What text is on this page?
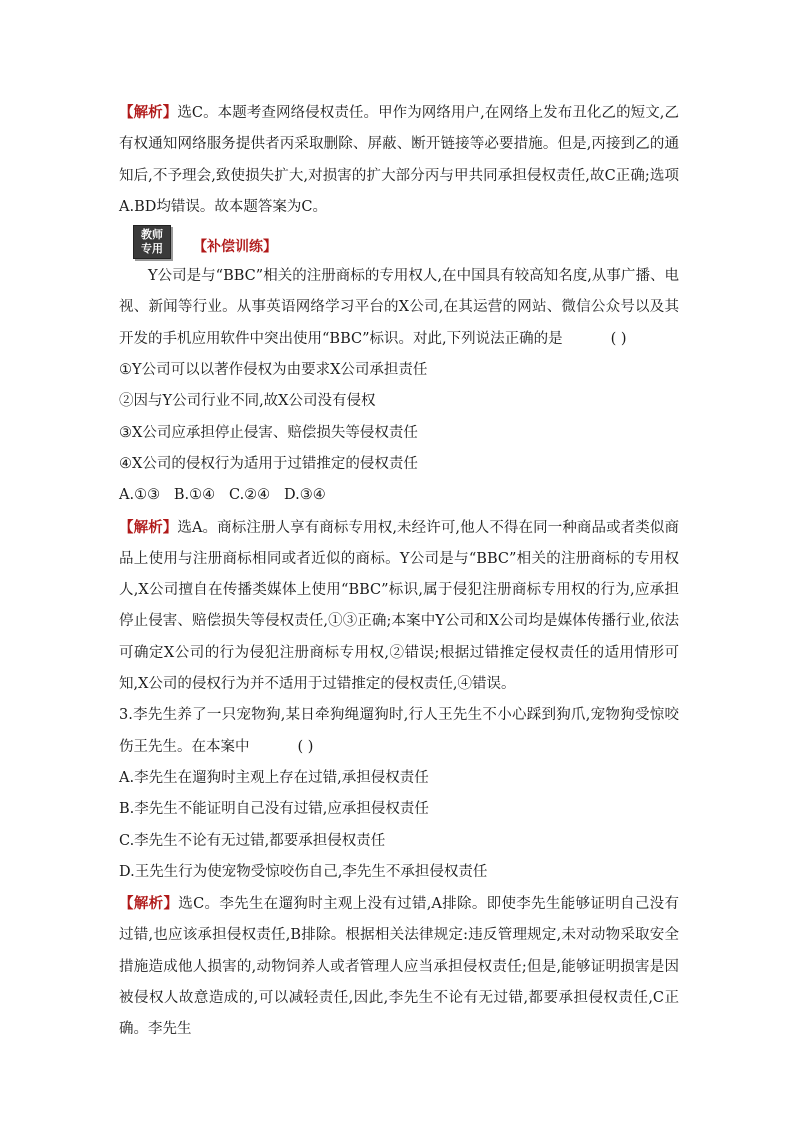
【解析】选C。本题考查网络侵权责任。甲作为网络用户,在网络上发布丑化乙的短文,乙有权通知网络服务提供者丙采取删除、屏蔽、断开链接等必要措施。但是,丙接到乙的通知后,不予理会,致使损失扩大,对损害的扩大部分丙与甲共同承担侵权责任,故C正确;选项A.BD均错误。故本题答案为C。

教师
专用	【补偿训练】

Y公司是与“BBC”相关的注册商标的专用权人,在中国具有较高知名度,从事广播、电视、新闻等行业。从事英语网络学习平台的X公司,在其运营的网站、微信公众号以及其开发的手机应用软件中突出使用“BBC”标识。对此,下列说法正确的是	( )

①Y公司可以以著作侵权为由要求X公司承担责任

②因与Y公司行业不同,故X公司没有侵权

③X公司应承担停止侵害、赔偿损失等侵权责任

④X公司的侵权行为适用于过错推定的侵权责任

A.①③   B.①④   C.②④   D.③④

【解析】选A。商标注册人享有商标专用权,未经许可,他人不得在同一种商品或者类似商品上使用与注册商标相同或者近似的商标。Y公司是与“BBC”相关的注册商标的专用权人,X公司擅自在传播类媒体上使用“BBC”标识,属于侵犯注册商标专用权的行为,应承担停止侵害、赔偿损失等侵权责任,①③正确;本案中Y公司和X公司均是媒体传播行业,依法可确定X公司的行为侵犯注册商标专用权,②错误;根据过错推定侵权责任的适用情形可知,X公司的侵权行为并不适用于过错推定的侵权责任,④错误。

3.李先生养了一只宠物狗,某日牵狗绳遛狗时,行人王先生不小心踩到狗爪,宠物狗受惊咬伤王先生。在本案中	( )

A.李先生在遛狗时主观上存在过错,承担侵权责任

B.李先生不能证明自己没有过错,应承担侵权责任

C.李先生不论有无过错,都要承担侵权责任

D.王先生行为使宠物受惊咬伤自己,李先生不承担侵权责任

【解析】选C。李先生在遛狗时主观上没有过错,A排除。即使李先生能够证明自己没有过错,也应该承担侵权责任,B排除。根据相关法律规定:违反管理规定,未对动物采取安全措施造成他人损害的,动物饲养人或者管理人应当承担侵权责任;但是,能够证明损害是因被侵权人故意造成的,可以减轻责任,因此,李先生不论有无过错,都要承担侵权责任,C正确。李先生
